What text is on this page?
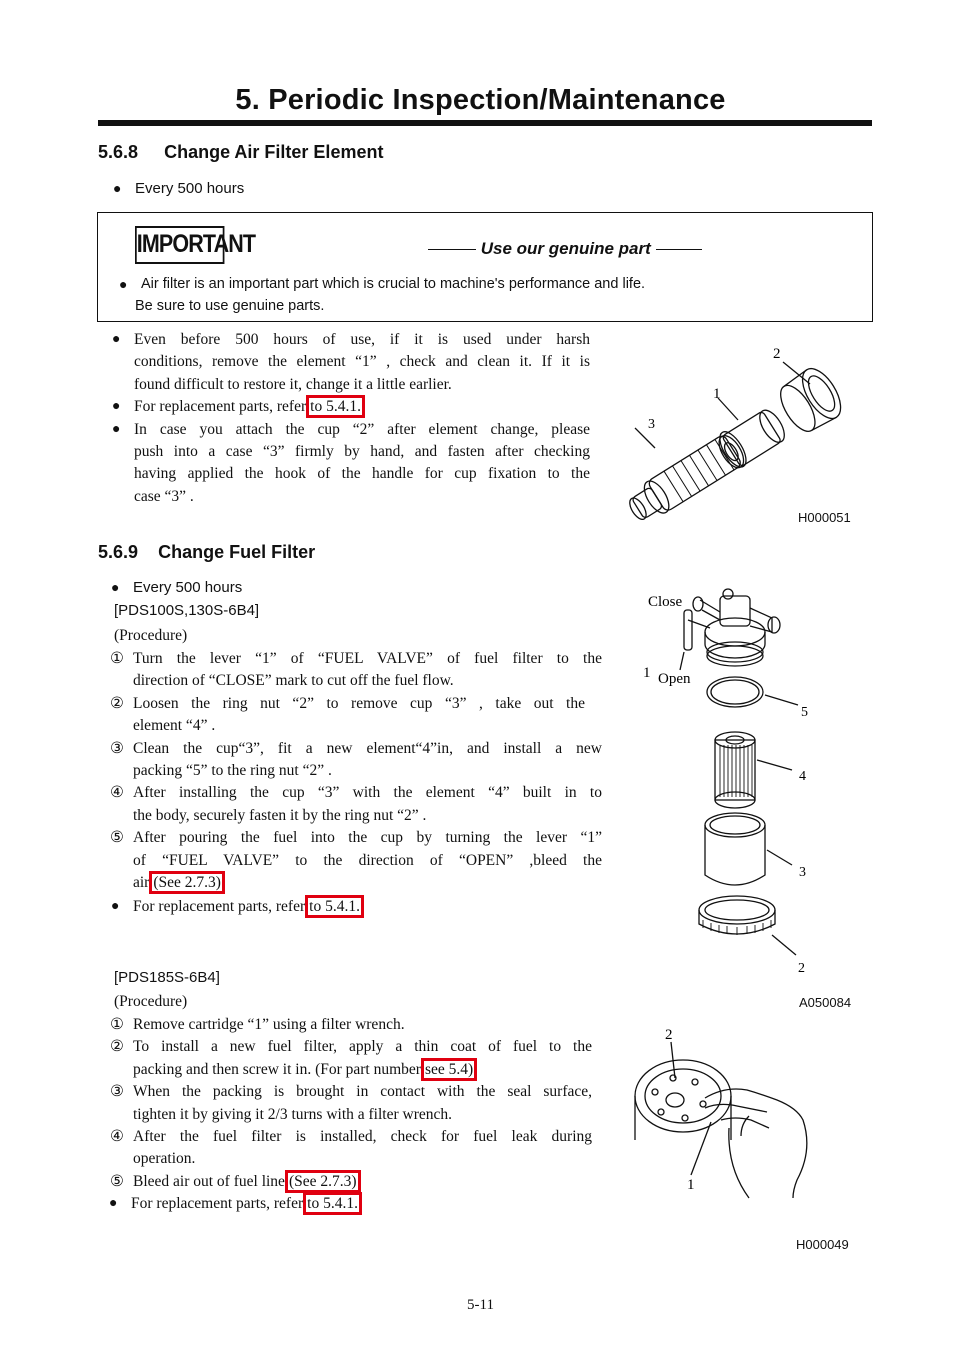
5. Periodic Inspection/Maintenance
5.6.8 Change Air Filter Element
● Every 500 hours
IMPORTANT	Use our genuine part
● Air filter is an important part which is crucial to machine's performance and life.
Be sure to use genuine parts.
● Even before 500 hours of use, if it is used under harsh
conditions, remove the element “1” , check and clean it. If it is
found difficult to restore it, change it a little earlier.
● For replacement parts, refer to 5.4.1.
● In case you attach the cup “2” after element change, please
push into a case “3” firmly by hand, and fasten after checking
having applied the hook of the handle for cup fixation to the
case “3” .
3
1
2
H000051
5.6.9 Change Fuel Filter
● Every 500 hours
[PDS100S,130S-6B4]
(Procedure)
① Turn the lever “1” of “FUEL VALVE” of fuel filter to the
direction of “CLOSE” mark to cut off the fuel flow.
② Loosen the ring nut “2” to remove cup “3” , take out the
element “4” .
③ Clean the cup“3”, fit a new element“4”in, and install a new
packing “5” to the ring nut “2” .
④ After installing the cup “3” with the element “4” built in to
the body, securely fasten it by the ring nut “2” .
⑤ After pouring the fuel into the cup by turning the lever “1”
of “FUEL VALVE” to the direction of “OPEN” ,bleed the
air (See 2.7.3)
● For replacement parts, refer to 5.4.1.
Close
1 Open
5
4
3
2
A050084
[PDS185S-6B4]
(Procedure)
① Remove cartridge “1” using a filter wrench.
② To install a new fuel filter, apply a thin coat of fuel to the
packing and then screw it in. (For part number see 5.4)
③ When the packing is brought in contact with the seal surface,
tighten it by giving it 2/3 turns with a filter wrench.
④ After the fuel filter is installed, check for fuel leak during
operation.
⑤ Bleed air out of fuel line (See 2.7.3)
● For replacement parts, refer to 5.4.1.
2
1
H000049
5-11
